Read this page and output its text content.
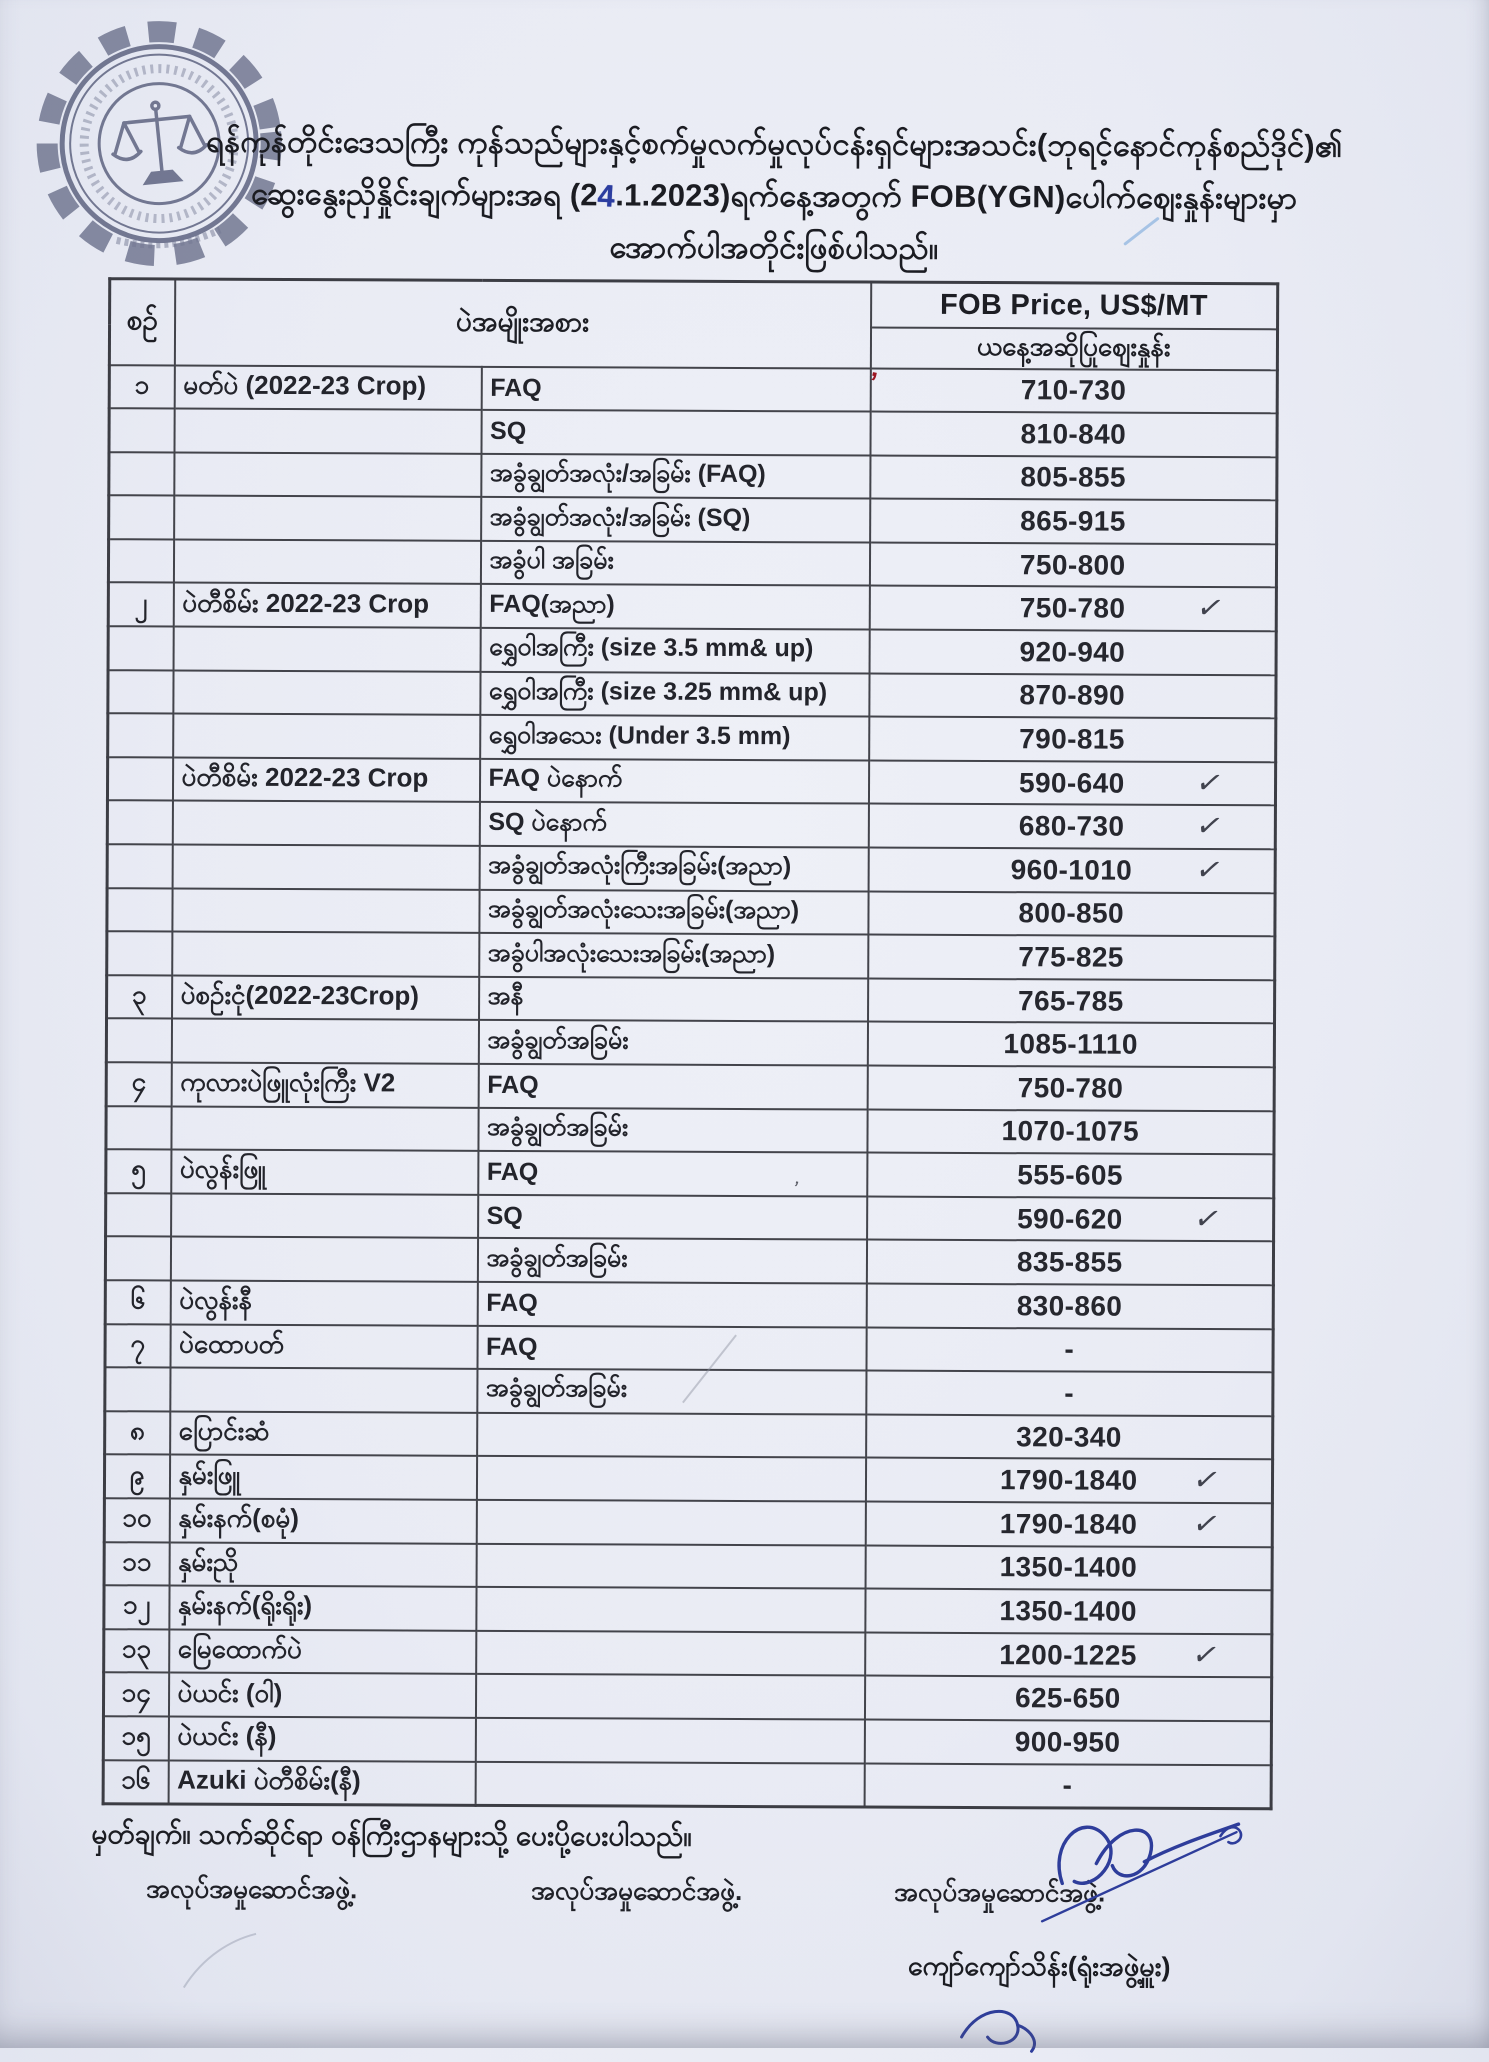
ရန်ကုန်တိုင်းဒေသကြီး ကုန်သည်များနှင့်စက်မှုလက်မှုလုပ်ငန်းရှင်များအသင်း(ဘုရင့်နောင်ကုန်စည်ဒိုင်)၏
ဆွေးနွေးညှိနှိုင်းချက်များအရ (24.1.2023)ရက်နေ့အတွက် FOB(YGN)ပေါက်ဈေးနှုန်းများမှာ
အောက်ပါအတိုင်းဖြစ်ပါသည်။
စဉ်	ပဲအမျိုးအစား		FOB Price, US$/MT
			ယနေ့အဆိုပြုဈေးနှုန်း
၁	မတ်ပဲ (2022-23 Crop)	FAQ	710-730
		SQ	810-840
		အခွံချွတ်အလုံး/အခြမ်း (FAQ)	805-855
		အခွံချွတ်အလုံး/အခြမ်း (SQ)	865-915
		အခွံပါ အခြမ်း	750-800
၂	ပဲတီစိမ်း 2022-23 Crop	FAQ(အညာ)	750-780 ✓

		ရွှေဝါအကြီး (size 3.5 mm& up)	920-940
		ရွှေဝါအကြီး (size 3.25 mm& up)	870-890
		ရွှေဝါအသေး (Under 3.5 mm)	790-815
	ပဲတီစိမ်း 2022-23 Crop	FAQ ပဲနောက်	590-640 ✓

		SQ ပဲနောက်	680-730 ✓

		အခွံချွတ်အလုံးကြီးအခြမ်း(အညာ)	960-1010 ✓

		အခွံချွတ်အလုံးသေးအခြမ်း(အညာ)	800-850
		အခွံပါအလုံးသေးအခြမ်း(အညာ)	775-825
၃	ပဲစဉ်းငုံ(2022-23Crop)	အနီ	765-785
		အခွံချွတ်အခြမ်း	1085-1110
၄	ကုလားပဲဖြူလုံးကြီး V2	FAQ	750-780
		အခွံချွတ်အခြမ်း	1070-1075
၅	ပဲလွန်းဖြူ	FAQ	555-605
		SQ	590-620 ✓

		အခွံချွတ်အခြမ်း	835-855
၆	ပဲလွန်းနီ	FAQ	830-860
၇	ပဲထောပတ်	FAQ	-
		အခွံချွတ်အခြမ်း	-
၈	ပြောင်းဆံ		320-340
၉	နှမ်းဖြူ		1790-1840 ✓

၁၀	နှမ်းနက်(စမုံ)		1790-1840 ✓

၁၁	နှမ်းညို		1350-1400
၁၂	နှမ်းနက်(ရိုးရိုး)		1350-1400
၁၃	မြေထောက်ပဲ		1200-1225 ✓

၁၄	ပဲယင်း (ဝါ)		625-650
၁၅	ပဲယင်း (နီ)		900-950
၁၆	Azuki ပဲတီစိမ်း(နီ)		-
မှတ်ချက်။ သက်ဆိုင်ရာ ဝန်ကြီးဌာနများသို့ ပေးပို့ပေးပါသည်။
အလုပ်အမှုဆောင်အဖွဲ့.	အလုပ်အမှုဆောင်အဖွဲ့.	အလုပ်အမှုဆောင်အဖွဲ့.
ကျော်ကျော်သိန်း(ရုံးအဖွဲ့မှူး)
’
’
